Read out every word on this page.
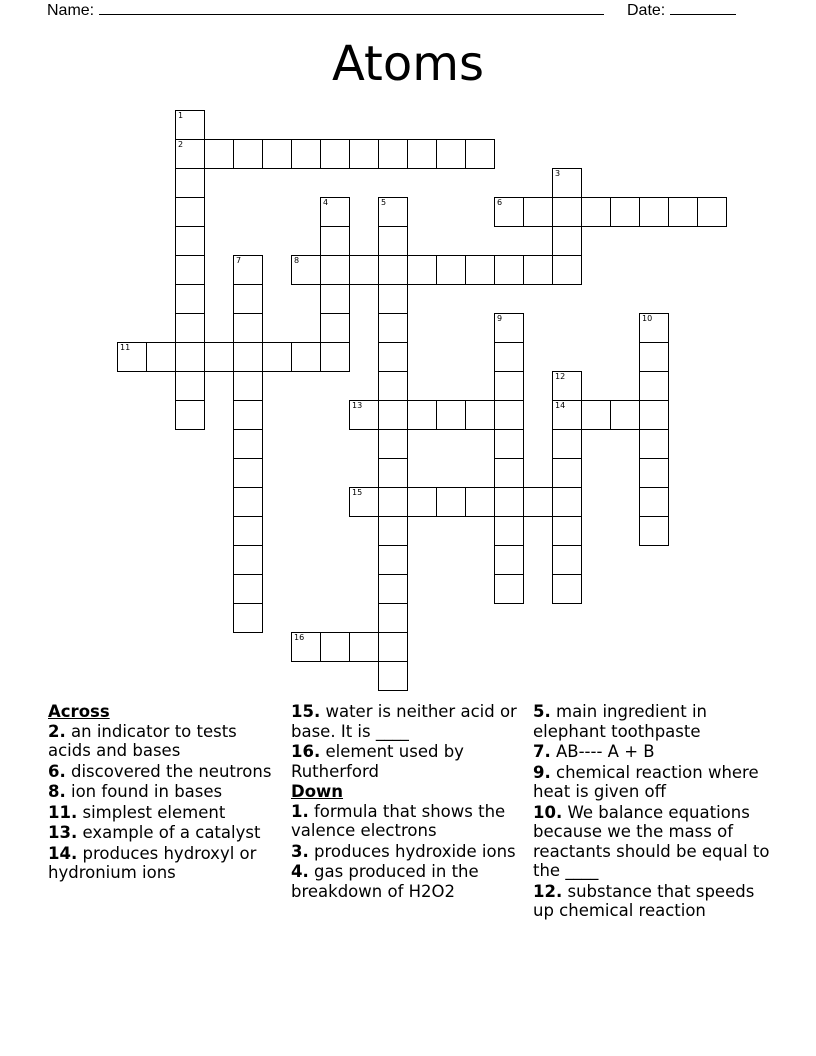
Name:	Date:
Atoms
1
2
3
4	5	6
7	8
9	10
11
12
14
13
15
16
Across
2. an indicator to tests acids and bases
6. discovered the neutrons
8. ion found in bases
11. simplest element
13. example of a catalyst
14. produces hydroxyl or hydronium ions
15. water is neither acid or base. It is ____
16. element used by Rutherford
Down
1. formula that shows the valence electrons
3. produces hydroxide ions
4. gas produced in the breakdown of H2O2
5. main ingredient in elephant toothpaste
7. AB---- A + B
9. chemical reaction where heat is given off
10. We balance equations because we the mass of reactants should be equal to the ____
12. substance that speeds up chemical reaction
